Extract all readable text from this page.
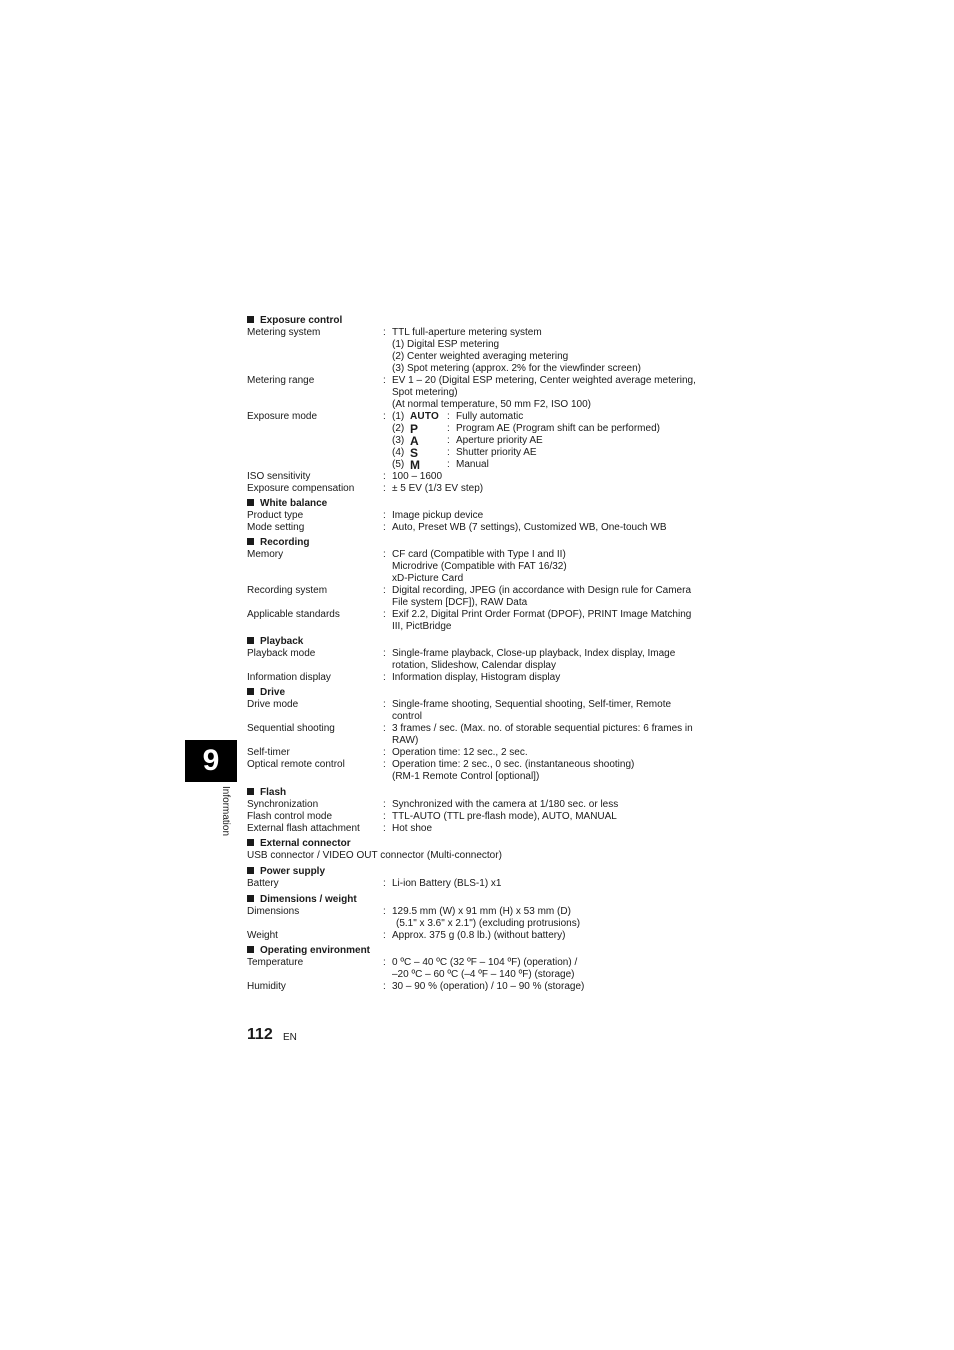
Exposure control
Metering system	: TTL full-aperture metering system
(1) Digital ESP metering
(2) Center weighted averaging metering
(3) Spot metering (approx. 2% for the viewfinder screen)
Metering range	: EV 1 – 20 (Digital ESP metering, Center weighted average metering,
Spot metering)
(At normal temperature, 50 mm F2, ISO 100)
Exposure mode	: (1) AUTO : Fully automatic
(2) P	: Program AE (Program shift can be performed)
(3) A	: Aperture priority AE
(4) S	: Shutter priority AE
(5) M	: Manual
ISO sensitivity	: 100 – 1600
Exposure compensation	: ± 5 EV (1/3 EV step)
White balance
Product type	: Image pickup device
Mode setting	: Auto, Preset WB (7 settings), Customized WB, One-touch WB
Recording
Memory	: CF card (Compatible with Type I and II)
Microdrive (Compatible with FAT 16/32)
xD-Picture Card
Recording system	: Digital recording, JPEG (in accordance with Design rule for Camera
File system [DCF]), RAW Data
Applicable standards	: Exif 2.2, Digital Print Order Format (DPOF), PRINT Image Matching
III, PictBridge
Playback
Playback mode	: Single-frame playback, Close-up playback, Index display, Image
rotation, Slideshow, Calendar display
Information display	: Information display, Histogram display
Drive
Drive mode	: Single-frame shooting, Sequential shooting, Self-timer, Remote
control
Sequential shooting	: 3 frames / sec. (Max. no. of storable sequential pictures: 6 frames in
RAW)
Self-timer	: Operation time: 12 sec., 2 sec.
Optical remote control	: Operation time: 2 sec., 0 sec. (instantaneous shooting)
(RM-1 Remote Control [optional])
Flash
Synchronization	: Synchronized with the camera at 1/180 sec. or less
Flash control mode	: TTL-AUTO (TTL pre-flash mode), AUTO, MANUAL
External flash attachment	: Hot shoe
External connector
USB connector / VIDEO OUT connector (Multi-connector)
Power supply
Battery	: Li-ion Battery (BLS-1) x1
Dimensions / weight
Dimensions	: 129.5 mm (W) x 91 mm (H) x 53 mm (D)
(5.1" x 3.6" x 2.1") (excluding protrusions)
Weight	: Approx. 375 g (0.8 lb.) (without battery)
Operating environment
Temperature	: 0 ºC – 40 ºC (32 ºF – 104 ºF) (operation) /
–20 ºC – 60 ºC (–4 ºF – 140 ºF) (storage)
Humidity	: 30 – 90 % (operation) / 10 – 90 % (storage)
9
Information
112 EN
